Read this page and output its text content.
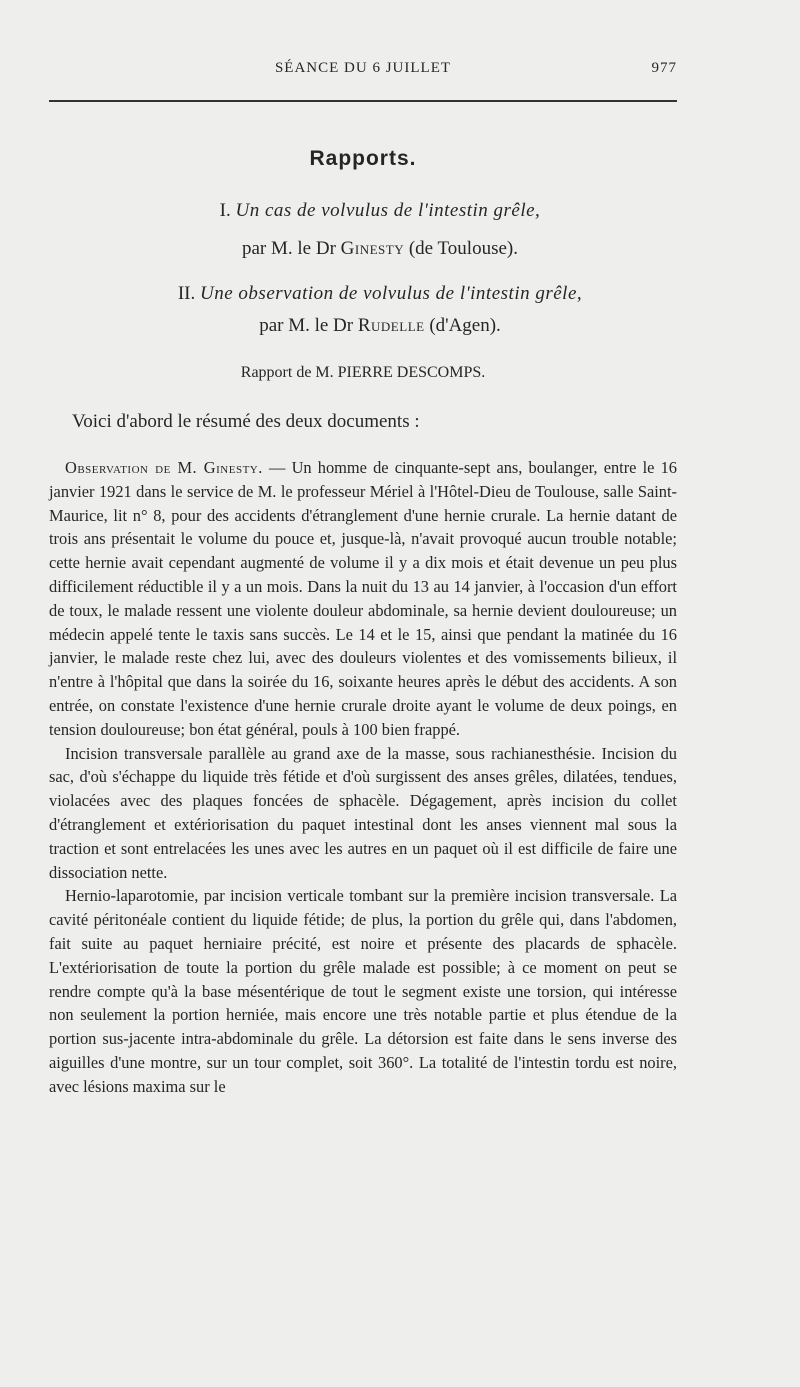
SÉANCE DU 6 JUILLET	977
Rapports.
I. Un cas de volvulus de l'intestin grêle,
par M. le Dr Ginesty (de Toulouse).
II. Une observation de volvulus de l'intestin grêle,
par M. le Dr Rudelle (d'Agen).
Rapport de M. PIERRE DESCOMPS.
Voici d'abord le résumé des deux documents :

Observation de M. Ginesty. — Un homme de cinquante-sept ans, boulanger, entre le 16 janvier 1921 dans le service de M. le professeur Mériel à l'Hôtel-Dieu de Toulouse, salle Saint-Maurice, lit n° 8, pour des accidents d'étranglement d'une hernie crurale. La hernie datant de trois ans présentait le volume du pouce et, jusque-là, n'avait provoqué aucun trouble notable; cette hernie avait cependant augmenté de volume il y a dix mois et était devenue un peu plus difficilement réductible il y a un mois. Dans la nuit du 13 au 14 janvier, à l'occasion d'un effort de toux, le malade ressent une violente douleur abdominale, sa hernie devient douloureuse; un médecin appelé tente le taxis sans succès. Le 14 et le 15, ainsi que pendant la matinée du 16 janvier, le malade reste chez lui, avec des douleurs violentes et des vomissements bilieux, il n'entre à l'hôpital que dans la soirée du 16, soixante heures après le début des accidents. A son entrée, on constate l'existence d'une hernie crurale droite ayant le volume de deux poings, en tension douloureuse; bon état général, pouls à 100 bien frappé.

Incision transversale parallèle au grand axe de la masse, sous rachianesthésie. Incision du sac, d'où s'échappe du liquide très fétide et d'où surgissent des anses grêles, dilatées, tendues, violacées avec des plaques foncées de sphacèle. Dégagement, après incision du collet d'étranglement et extériorisation du paquet intestinal dont les anses viennent mal sous la traction et sont entrelacées les unes avec les autres en un paquet où il est difficile de faire une dissociation nette.

Hernio-laparotomie, par incision verticale tombant sur la première incision transversale. La cavité péritonéale contient du liquide fétide; de plus, la portion du grêle qui, dans l'abdomen, fait suite au paquet herniaire précité, est noire et présente des placards de sphacèle. L'extériorisation de toute la portion du grêle malade est possible; à ce moment on peut se rendre compte qu'à la base mésentérique de tout le segment existe une torsion, qui intéresse non seulement la portion herniée, mais encore une très notable partie et plus étendue de la portion sus-jacente intra-abdominale du grêle. La détorsion est faite dans le sens inverse des aiguilles d'une montre, sur un tour complet, soit 360°. La totalité de l'intestin tordu est noire, avec lésions maxima sur le
